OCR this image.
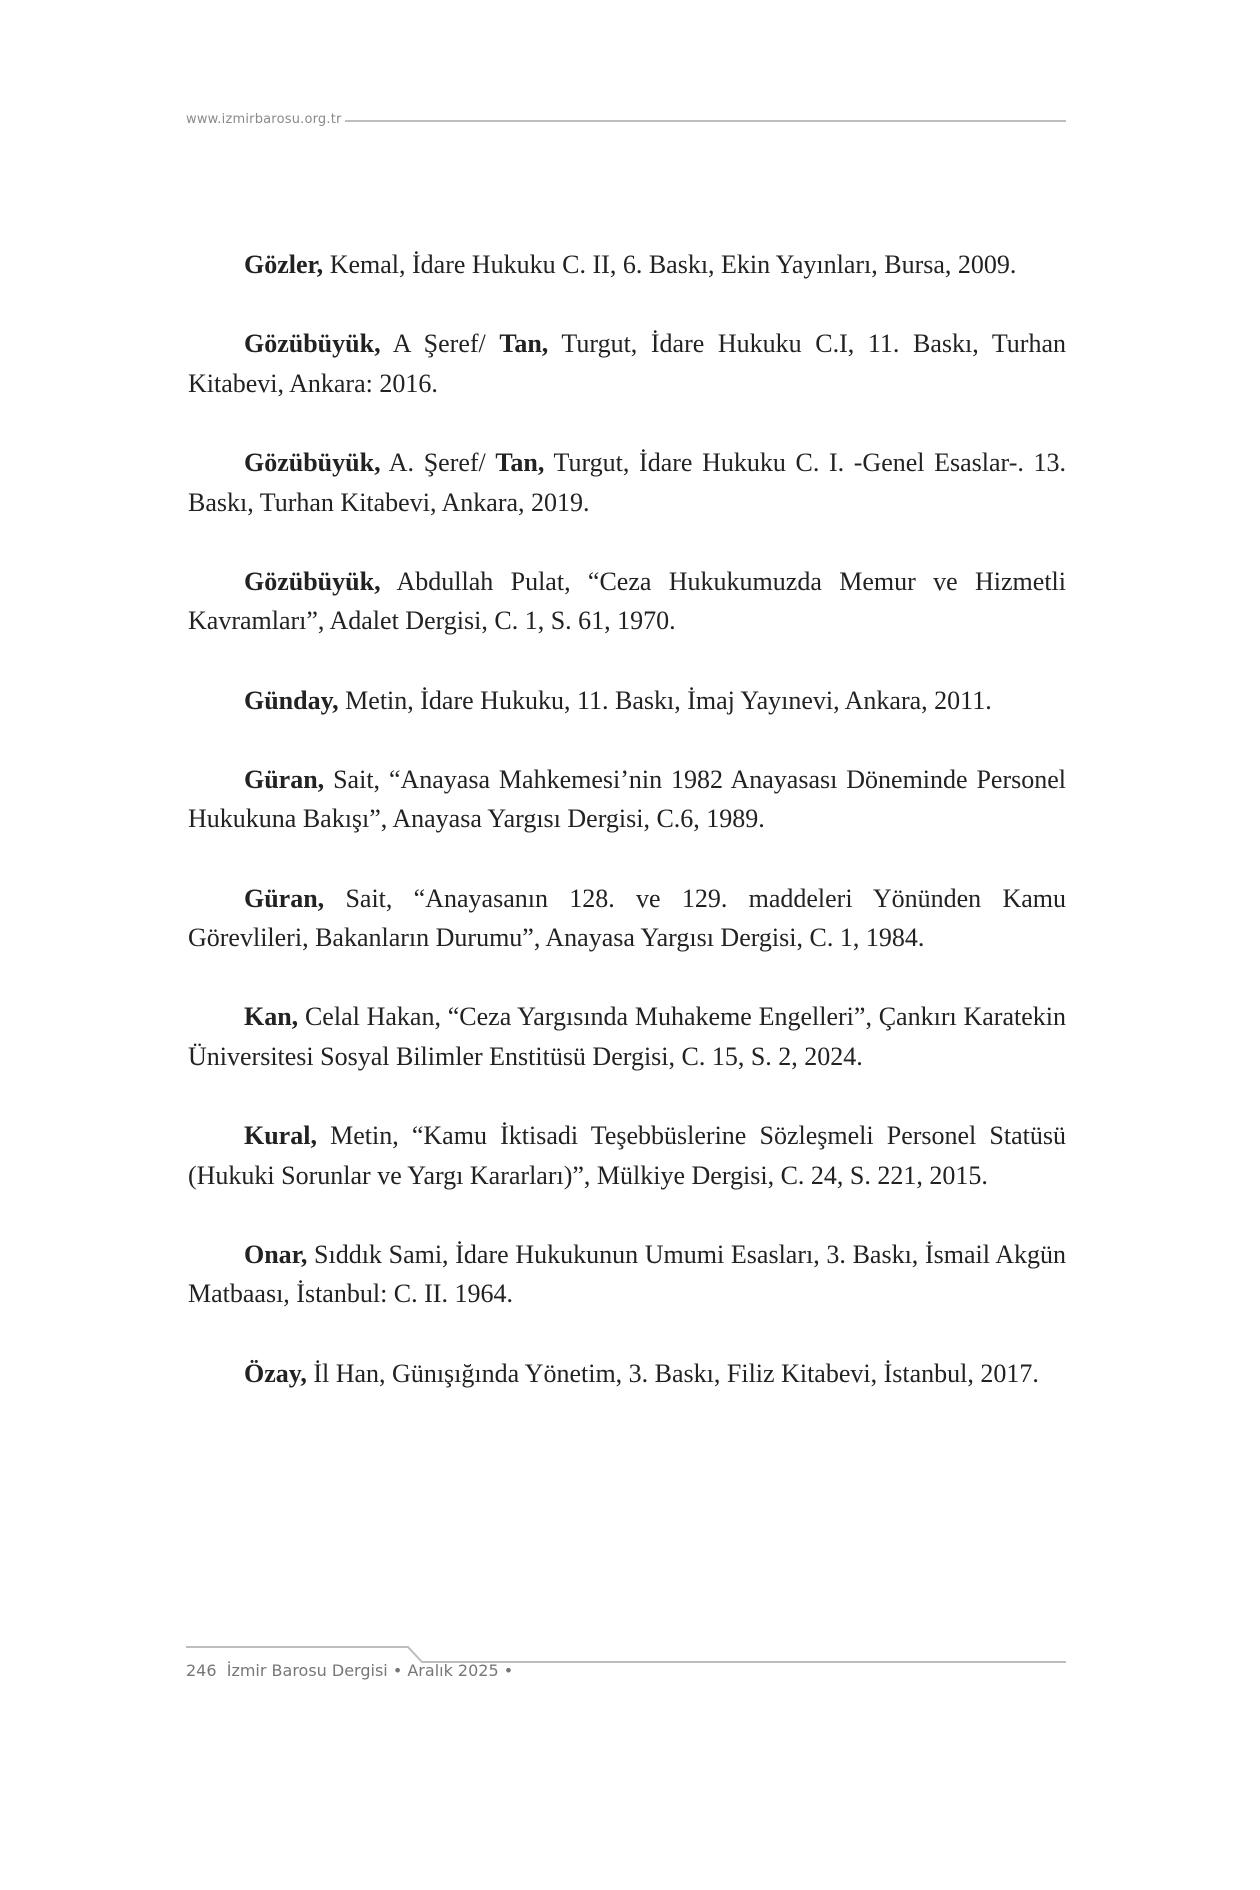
www.izmirbarosu.org.tr

Gözler, Kemal, İdare Hukuku C. II, 6. Baskı, Ekin Yayınları, Bursa, 2009.

Gözübüyük, A Şeref/ Tan, Turgut, İdare Hukuku C.I, 11. Baskı, Turhan Kitabevi, Ankara: 2016.

Gözübüyük, A. Şeref/ Tan, Turgut, İdare Hukuku C. I. -Genel Esaslar-. 13. Baskı, Turhan Kitabevi, Ankara, 2019.

Gözübüyük, Abdullah Pulat, “Ceza Hukukumuzda Memur ve Hizmetli Kavramları”, Adalet Dergisi, C. 1, S. 61, 1970.

Günday, Metin, İdare Hukuku, 11. Baskı, İmaj Yayınevi, Ankara, 2011.

Güran, Sait, “Anayasa Mahkemesi’nin 1982 Anayasası Döneminde Personel Hukukuna Bakışı”, Anayasa Yargısı Dergisi, C.6, 1989.

Güran, Sait, “Anayasanın 128. ve 129. maddeleri Yönünden Kamu Görevlileri, Bakanların Durumu”, Anayasa Yargısı Dergisi, C. 1, 1984.

Kan, Celal Hakan, “Ceza Yargısında Muhakeme Engelleri”, Çankırı Karatekin Üniversitesi Sosyal Bilimler Enstitüsü Dergisi, C. 15, S. 2, 2024.

Kural, Metin, “Kamu İktisadi Teşebbüslerine Sözleşmeli Personel Statüsü (Hukuki Sorunlar ve Yargı Kararları)”, Mülkiye Dergisi, C. 24, S. 221, 2015.

Onar, Sıddık Sami, İdare Hukukunun Umumi Esasları, 3. Baskı, İsmail Akgün Matbaası, İstanbul: C. II. 1964.

Özay, İl Han, Günışığında Yönetim, 3. Baskı, Filiz Kitabevi, İstanbul, 2017.

246 İzmir Barosu Dergisi • Aralık 2025 •
